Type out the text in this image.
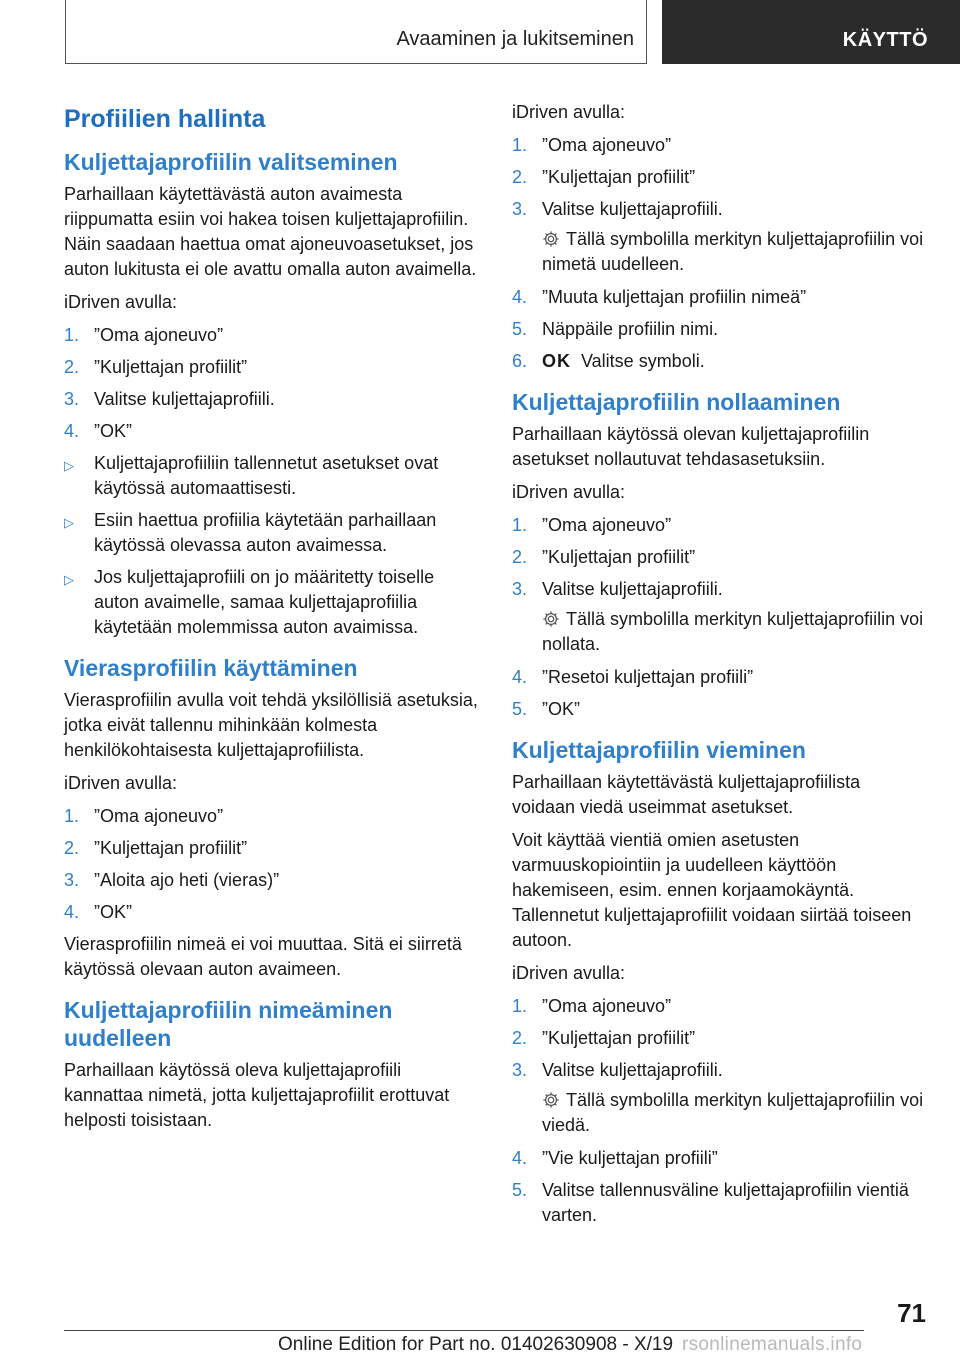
Avaaminen ja lukitseminen	KÄYTTÖ
Profiilien hallinta
Kuljettajaprofiilin valitseminen

Parhaillaan käytettävästä auton avaimesta riippumatta esiin voi hakea toisen kuljettajaprofiilin. Näin saadaan haettua omat ajoneuvoasetukset, jos auton lukitusta ei ole avattu omalla auton avaimella.

iDriven avulla:

1. ”Oma ajoneuvo”
2. ”Kuljettajan profiilit”
3. Valitse kuljettajaprofiili.
4. ”OK”
▷	Kuljettajaprofiiliin tallennetut asetukset ovat käytössä automaattisesti.
▷	Esiin haettua profiilia käytetään parhaillaan käytössä olevassa auton avaimessa.
▷	Jos kuljettajaprofiili on jo määritetty toiselle auton avaimelle, samaa kuljettajaprofiilia käytetään molemmissa auton avaimissa.
Vierasprofiilin käyttäminen

Vierasprofiilin avulla voit tehdä yksilöllisiä asetuksia, jotka eivät tallennu mihinkään kolmesta henkilökohtaisesta kuljettajaprofiilista.

iDriven avulla:

1. ”Oma ajoneuvo”
2. ”Kuljettajan profiilit”
3. ”Aloita ajo heti (vieras)”
4. ”OK”

Vierasprofiilin nimeä ei voi muuttaa. Sitä ei siirretä käytössä olevaan auton avaimeen.

Kuljettajaprofiilin nimeäminen uudelleen

Parhaillaan käytössä oleva kuljettajaprofiili kannattaa nimetä, jotta kuljettajaprofiilit erottuvat helposti toisistaan.

iDriven avulla:

1. ”Oma ajoneuvo”
2. ”Kuljettajan profiilit”
3. Valitse kuljettajaprofiili.
Tällä symbolilla merkityn kuljettajaprofiilin voi nimetä uudelleen.
4. ”Muuta kuljettajan profiilin nimeä”
5. Näppäile profiilin nimi.
6. OK Valitse symboli.
Kuljettajaprofiilin nollaaminen

Parhaillaan käytössä olevan kuljettajaprofiilin asetukset nollautuvat tehdasasetuksiin.

iDriven avulla:

1. ”Oma ajoneuvo”
2. ”Kuljettajan profiilit”
3. Valitse kuljettajaprofiili.
Tällä symbolilla merkityn kuljettajaprofiilin voi nollata.
4. ”Resetoi kuljettajan profiili”
5. ”OK”
Kuljettajaprofiilin vieminen

Parhaillaan käytettävästä kuljettajaprofiilista voidaan viedä useimmat asetukset.

Voit käyttää vientiä omien asetusten varmuuskopiointiin ja uudelleen käyttöön hakemiseen, esim. ennen korjaamokäyntä. Tallennetut kuljettajaprofiilit voidaan siirtää toiseen autoon.

iDriven avulla:

1. ”Oma ajoneuvo”
2. ”Kuljettajan profiilit”
3. Valitse kuljettajaprofiili.
Tällä symbolilla merkityn kuljettajaprofiilin voi viedä.
4. ”Vie kuljettajan profiili”
5. Valitse tallennusväline kuljettajaprofiilin vientiä varten.
71
Online Edition for Part no. 01402630908 - X/19 rsonlinemanuals.info
